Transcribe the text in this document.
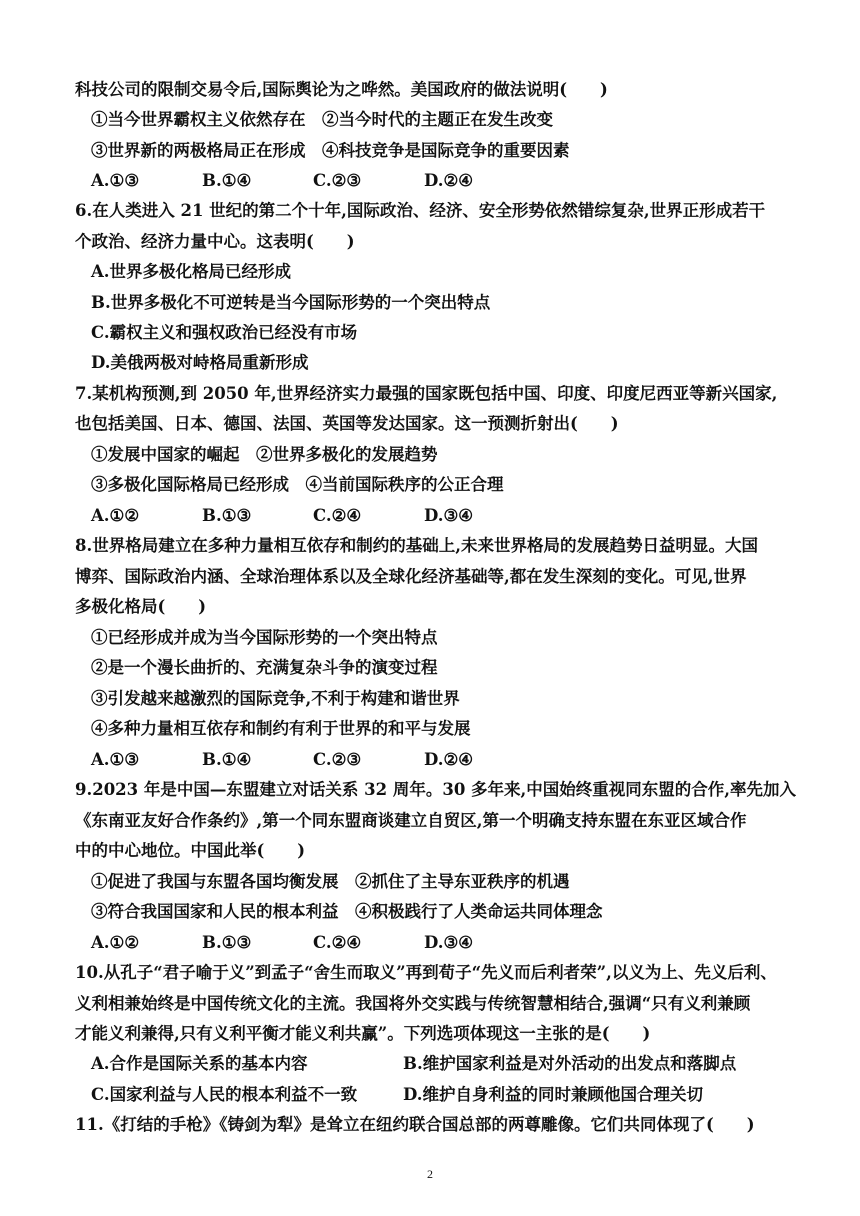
科技公司的限制交易令后,国际舆论为之哗然。美国政府的做法说明(　　)
①当今世界霸权主义依然存在　②当今时代的主题正在发生改变
③世界新的两极格局正在形成　④科技竞争是国际竞争的重要因素
A.①③	B.①④	C.②③	D.②④
6.在人类进入 21 世纪的第二个十年,国际政治、经济、安全形势依然错综复杂,世界正形成若干
个政治、经济力量中心。这表明(　　)
A.世界多极化格局已经形成
B.世界多极化不可逆转是当今国际形势的一个突出特点
C.霸权主义和强权政治已经没有市场
D.美俄两极对峙格局重新形成
7.某机构预测,到 2050 年,世界经济实力最强的国家既包括中国、印度、印度尼西亚等新兴国家,
也包括美国、日本、德国、法国、英国等发达国家。这一预测折射出(　　)
①发展中国家的崛起　②世界多极化的发展趋势
③多极化国际格局已经形成　④当前国际秩序的公正合理
A.①②	B.①③	C.②④	D.③④
8.世界格局建立在多种力量相互依存和制约的基础上,未来世界格局的发展趋势日益明显。大国
博弈、国际政治内涵、全球治理体系以及全球化经济基础等,都在发生深刻的变化。可见,世界
多极化格局(　　)
①已经形成并成为当今国际形势的一个突出特点
②是一个漫长曲折的、充满复杂斗争的演变过程
③引发越来越激烈的国际竞争,不利于构建和谐世界
④多种力量相互依存和制约有利于世界的和平与发展
A.①③	B.①④	C.②③	D.②④
9.2023 年是中国—东盟建立对话关系 32 周年。30 多年来,中国始终重视同东盟的合作,率先加入
《东南亚友好合作条约》,第一个同东盟商谈建立自贸区,第一个明确支持东盟在东亚区域合作
中的中心地位。中国此举(　　)
①促进了我国与东盟各国均衡发展　②抓住了主导东亚秩序的机遇
③符合我国国家和人民的根本利益　④积极践行了人类命运共同体理念
A.①②	B.①③	C.②④	D.③④
10.从孔子“君子喻于义”到孟子“舍生而取义”再到荀子“先义而后利者荣”,以义为上、先义后利、
义利相兼始终是中国传统文化的主流。我国将外交实践与传统智慧相结合,强调“只有义利兼顾
才能义利兼得,只有义利平衡才能义利共赢”。下列选项体现这一主张的是(　　)
A.合作是国际关系的基本内容	B.维护国家利益是对外活动的出发点和落脚点
C.国家利益与人民的根本利益不一致	D.维护自身利益的同时兼顾他国合理关切
11.《打结的手枪》《铸剑为犁》是耸立在纽约联合国总部的两尊雕像。它们共同体现了(　　)
2
